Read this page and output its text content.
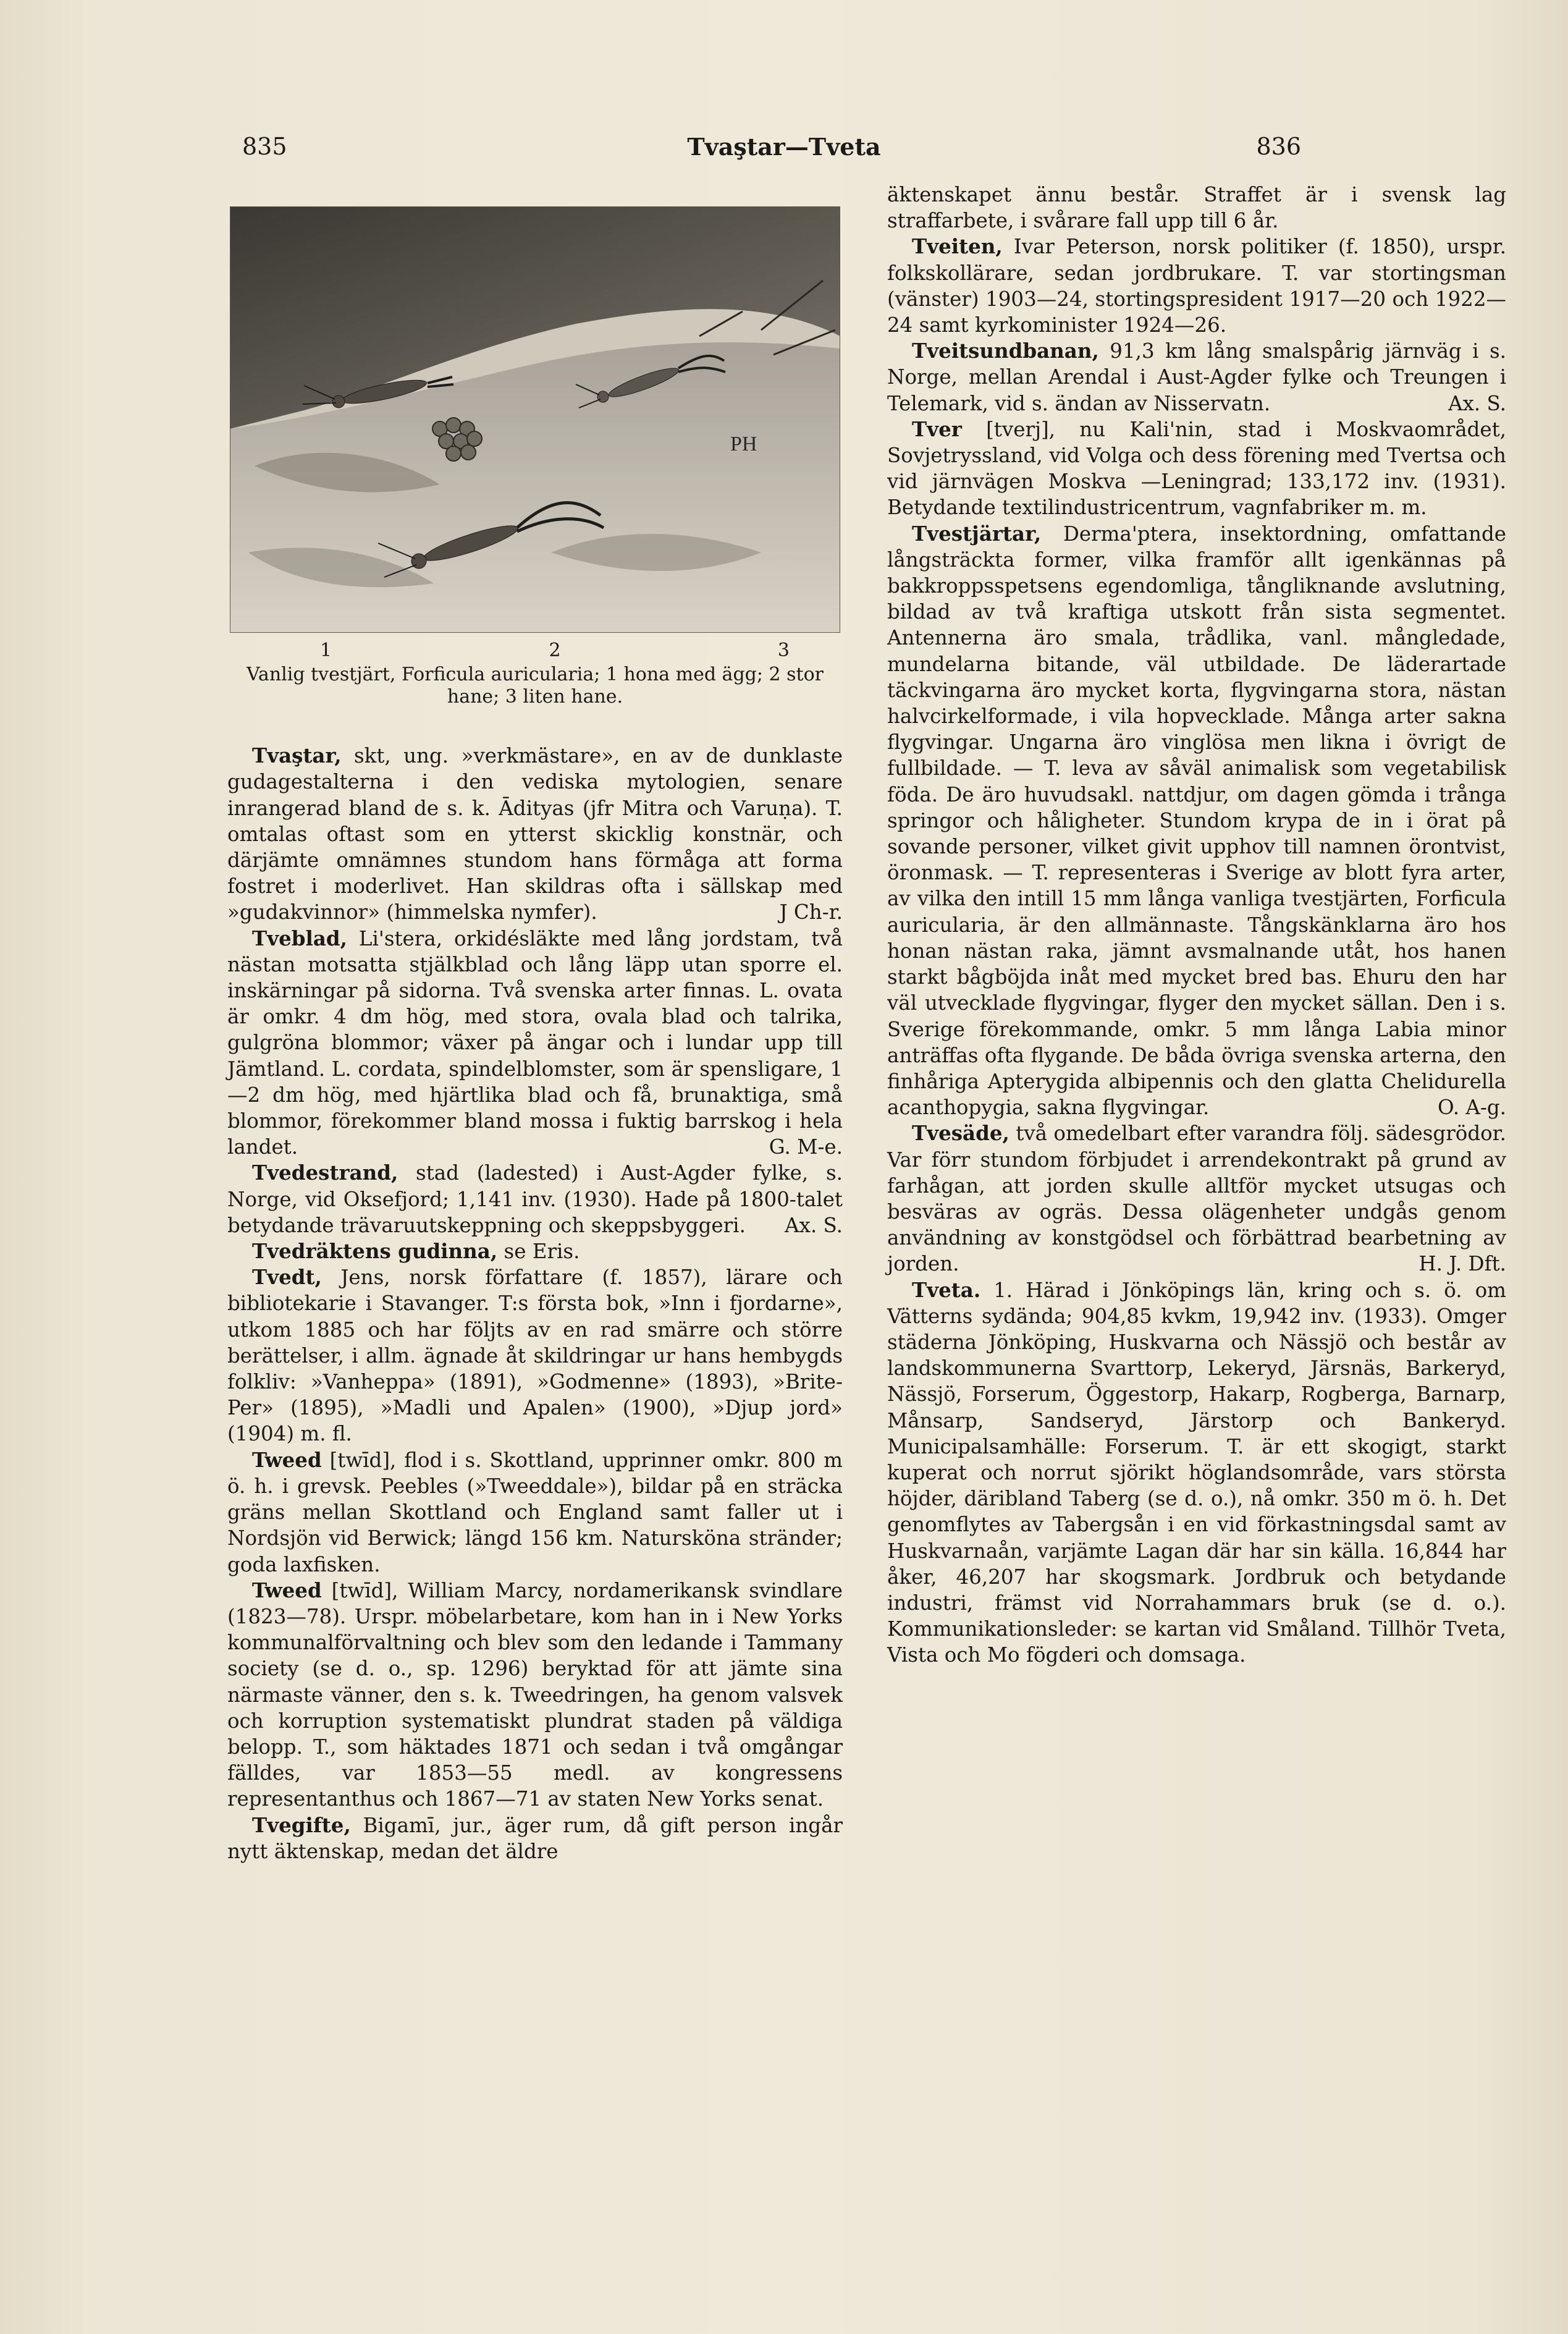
835	Tvaştar—Tveta	836
PH
1	2	3
Vanlig tvestjärt, Forficula auricularia; 1 hona med ägg; 2 stor hane; 3 liten hane.

Tvaştar, skt, ung. »verkmästare», en av de dunklaste gudagestalterna i den vediska mytologien, senare inrangerad bland de s. k. Ādityas (jfr Mitra och Varuṇa). T. omtalas oftast som en ytterst skicklig konstnär, och därjämte omnämnes stundom hans förmåga att forma fostret i moderlivet. Han skildras ofta i sällskap med »gudakvinnor» (himmelska nymfer).	J Ch-r.

Tveblad, Li'stera, orkidésläkte med lång jordstam, två nästan motsatta stjälkblad och lång läpp utan sporre el. inskärningar på sidorna. Två svenska arter finnas. L. ovata är omkr. 4 dm hög, med stora, ovala blad och talrika, gulgröna blommor; växer på ängar och i lundar upp till Jämtland. L. cordata, spindelblomster, som är spensligare, 1—2 dm hög, med hjärtlika blad och få, brunaktiga, små blommor, förekommer bland mossa i fuktig barrskog i hela landet.	G. M-e.

Tvedestrand, stad (ladested) i Aust-Agder fylke, s. Norge, vid Oksefjord; 1,141 inv. (1930). Hade på 1800-talet betydande trävaruutskeppning och skeppsbyggeri.	Ax. S.

Tvedräktens gudinna, se Eris.

Tvedt, Jens, norsk författare (f. 1857), lärare och bibliotekarie i Stavanger. T:s första bok, »Inn i fjordarne», utkom 1885 och har följts av en rad smärre och större berättelser, i allm. ägnade åt skildringar ur hans hembygds folkliv: »Vanheppa» (1891), »Godmenne» (1893), »Brite-Per» (1895), »Madli und Apalen» (1900), »Djup jord» (1904) m. fl.

Tweed [twīd], flod i s. Skottland, upprinner omkr. 800 m ö. h. i grevsk. Peebles (»Tweeddale»), bildar på en sträcka gräns mellan Skottland och England samt faller ut i Nordsjön vid Berwick; längd 156 km. Natursköna stränder; goda laxfisken.

Tweed [twīd], William Marcy, nordamerikansk svindlare (1823—78). Urspr. möbelarbetare, kom han in i New Yorks kommunalförvaltning och blev som den ledande i Tammany society (se d. o., sp. 1296) beryktad för att jämte sina närmaste vänner, den s. k. Tweedringen, ha genom valsvek och korruption systematiskt plundrat staden på väldiga belopp. T., som häktades 1871 och sedan i två omgångar fälldes, var 1853—55 medl. av kongressens representanthus och 1867—71 av staten New Yorks senat.

Tvegifte, Bigamī, jur., äger rum, då gift person ingår nytt äktenskap, medan det äldre

äktenskapet ännu består. Straffet är i svensk lag straffarbete, i svårare fall upp till 6 år.

Tveiten, Ivar Peterson, norsk politiker (f. 1850), urspr. folkskollärare, sedan jordbrukare. T. var stortingsman (vänster) 1903—24, stortingspresident 1917—20 och 1922—24 samt kyrkominister 1924—26.

Tveitsundbanan, 91,3 km lång smalspårig järnväg i s. Norge, mellan Arendal i Aust-Agder fylke och Treungen i Telemark, vid s. ändan av Nisservatn.	Ax. S.

Tver [tverj], nu Kali'nin, stad i Moskvaområdet, Sovjetryssland, vid Volga och dess förening med Tvertsa och vid järnvägen Moskva —Leningrad; 133,172 inv. (1931). Betydande textilindustricentrum, vagnfabriker m. m.

Tvestjärtar, Derma'ptera, insektordning, omfattande långsträckta former, vilka framför allt igenkännas på bakkroppsspetsens egendomliga, tångliknande avslutning, bildad av två kraftiga utskott från sista segmentet. Antennerna äro smala, trådlika, vanl. mångledade, mundelarna bitande, väl utbildade. De läderartade täckvingarna äro mycket korta, flygvingarna stora, nästan halvcirkelformade, i vila hopvecklade. Många arter sakna flygvingar. Ungarna äro vinglösa men likna i övrigt de fullbildade. — T. leva av såväl animalisk som vegetabilisk föda. De äro huvudsakl. nattdjur, om dagen gömda i trånga springor och håligheter. Stundom krypa de in i örat på sovande personer, vilket givit upphov till namnen örontvist, öronmask. — T. representeras i Sverige av blott fyra arter, av vilka den intill 15 mm långa vanliga tvestjärten, Forficula auricularia, är den allmännaste. Tångskänklarna äro hos honan nästan raka, jämnt avsmalnande utåt, hos hanen starkt bågböjda inåt med mycket bred bas. Ehuru den har väl utvecklade flygvingar, flyger den mycket sällan. Den i s. Sverige förekommande, omkr. 5 mm långa Labia minor anträffas ofta flygande. De båda övriga svenska arterna, den finhåriga Apterygida albipennis och den glatta Chelidurella acanthopygia, sakna flygvingar.	O. A-g.

Tvesäde, två omedelbart efter varandra följ. sädesgrödor. Var förr stundom förbjudet i arrendekontrakt på grund av farhågan, att jorden skulle alltför mycket utsugas och besväras av ogräs. Dessa olägenheter undgås genom användning av konstgödsel och förbättrad bearbetning av jorden.	H. J. Dft.

Tveta. 1. Härad i Jönköpings län, kring och s. ö. om Vätterns sydända; 904,85 kvkm, 19,942 inv. (1933). Omger städerna Jönköping, Huskvarna och Nässjö och består av landskommunerna Svarttorp, Lekeryd, Järsnäs, Barkeryd, Nässjö, Forserum, Öggestorp, Hakarp, Rogberga, Barnarp, Månsarp, Sandseryd, Järstorp och Bankeryd. Municipalsamhälle: Forserum. T. är ett skogigt, starkt kuperat och norrut sjörikt höglandsområde, vars största höjder, däribland Taberg (se d. o.), nå omkr. 350 m ö. h. Det genomflytes av Tabergsån i en vid förkastningsdal samt av Huskvarnaån, varjämte Lagan där har sin källa. 16,844 har åker, 46,207 har skogsmark. Jordbruk och betydande industri, främst vid Norrahammars bruk (se d. o.). Kommunikationsleder: se kartan vid Småland. Tillhör Tveta, Vista och Mo fögderi och domsaga.
